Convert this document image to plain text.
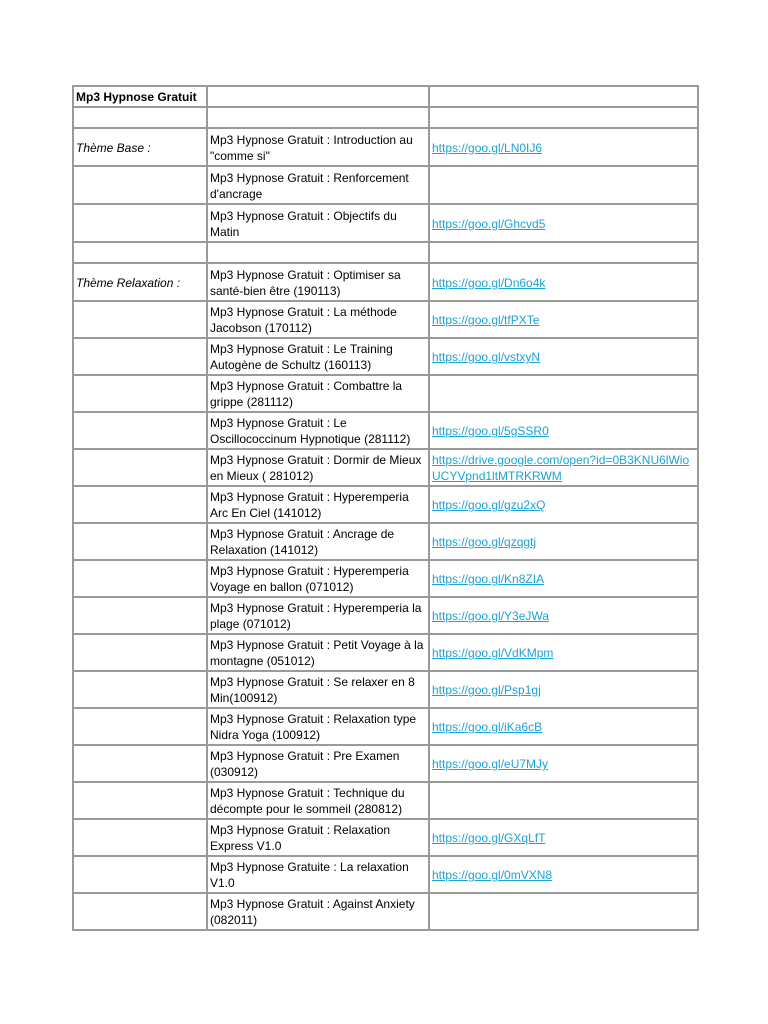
Mp3 Hypnose Gratuit		

Thème Base :	Mp3 Hypnose Gratuit : Introduction au "comme si"	https://goo.gl/LN0IJ6
	Mp3 Hypnose Gratuit : Renforcement d'ancrage	
	Mp3 Hypnose Gratuit : Objectifs du Matin	https://goo.gl/Ghcvd5

Thème Relaxation :	Mp3 Hypnose Gratuit : Optimiser sa santé-bien être (190113)	https://goo.gl/Dn6o4k
	Mp3 Hypnose Gratuit : La méthode Jacobson (170112)	https://goo.gl/tfPXTe
	Mp3 Hypnose Gratuit : Le Training Autogène de Schultz (160113)	https://goo.gl/vstxyN
	Mp3 Hypnose Gratuit : Combattre la grippe (281112)	
	Mp3 Hypnose Gratuit : Le Oscillococcinum Hypnotique (281112)	https://goo.gl/5gSSR0
	Mp3 Hypnose Gratuit : Dormir de Mieux en Mieux ( 281012)	https://drive.google.com/open?id=0B3KNU6lWioUCYVpnd1ltMTRKRWM
	Mp3 Hypnose Gratuit : Hyperemperia Arc En Ciel (141012)	https://goo.gl/gzu2xQ
	Mp3 Hypnose Gratuit : Ancrage de Relaxation (141012)	https://goo.gl/qzqgtj
	Mp3 Hypnose Gratuit : Hyperemperia Voyage en ballon (071012)	https://goo.gl/Kn8ZIA
	Mp3 Hypnose Gratuit : Hyperemperia la plage (071012)	https://goo.gl/Y3eJWa
	Mp3 Hypnose Gratuit : Petit Voyage à la montagne (051012)	https://goo.gl/VdKMpm
	Mp3 Hypnose Gratuit : Se relaxer en 8 Min(100912)	https://goo.gl/Psp1gj
	Mp3 Hypnose Gratuit : Relaxation type Nidra Yoga (100912)	https://goo.gl/iKa6cB
	Mp3 Hypnose Gratuit : Pre Examen (030912)	https://goo.gl/eU7MJy
	Mp3 Hypnose Gratuit : Technique du décompte pour le sommeil (280812)	
	Mp3 Hypnose Gratuit : Relaxation Express V1.0	https://goo.gl/GXqLfT
	Mp3 Hypnose Gratuite : La relaxation V1.0	https://goo.gl/0mVXN8
	Mp3 Hypnose Gratuit : Against Anxiety (082011)	
